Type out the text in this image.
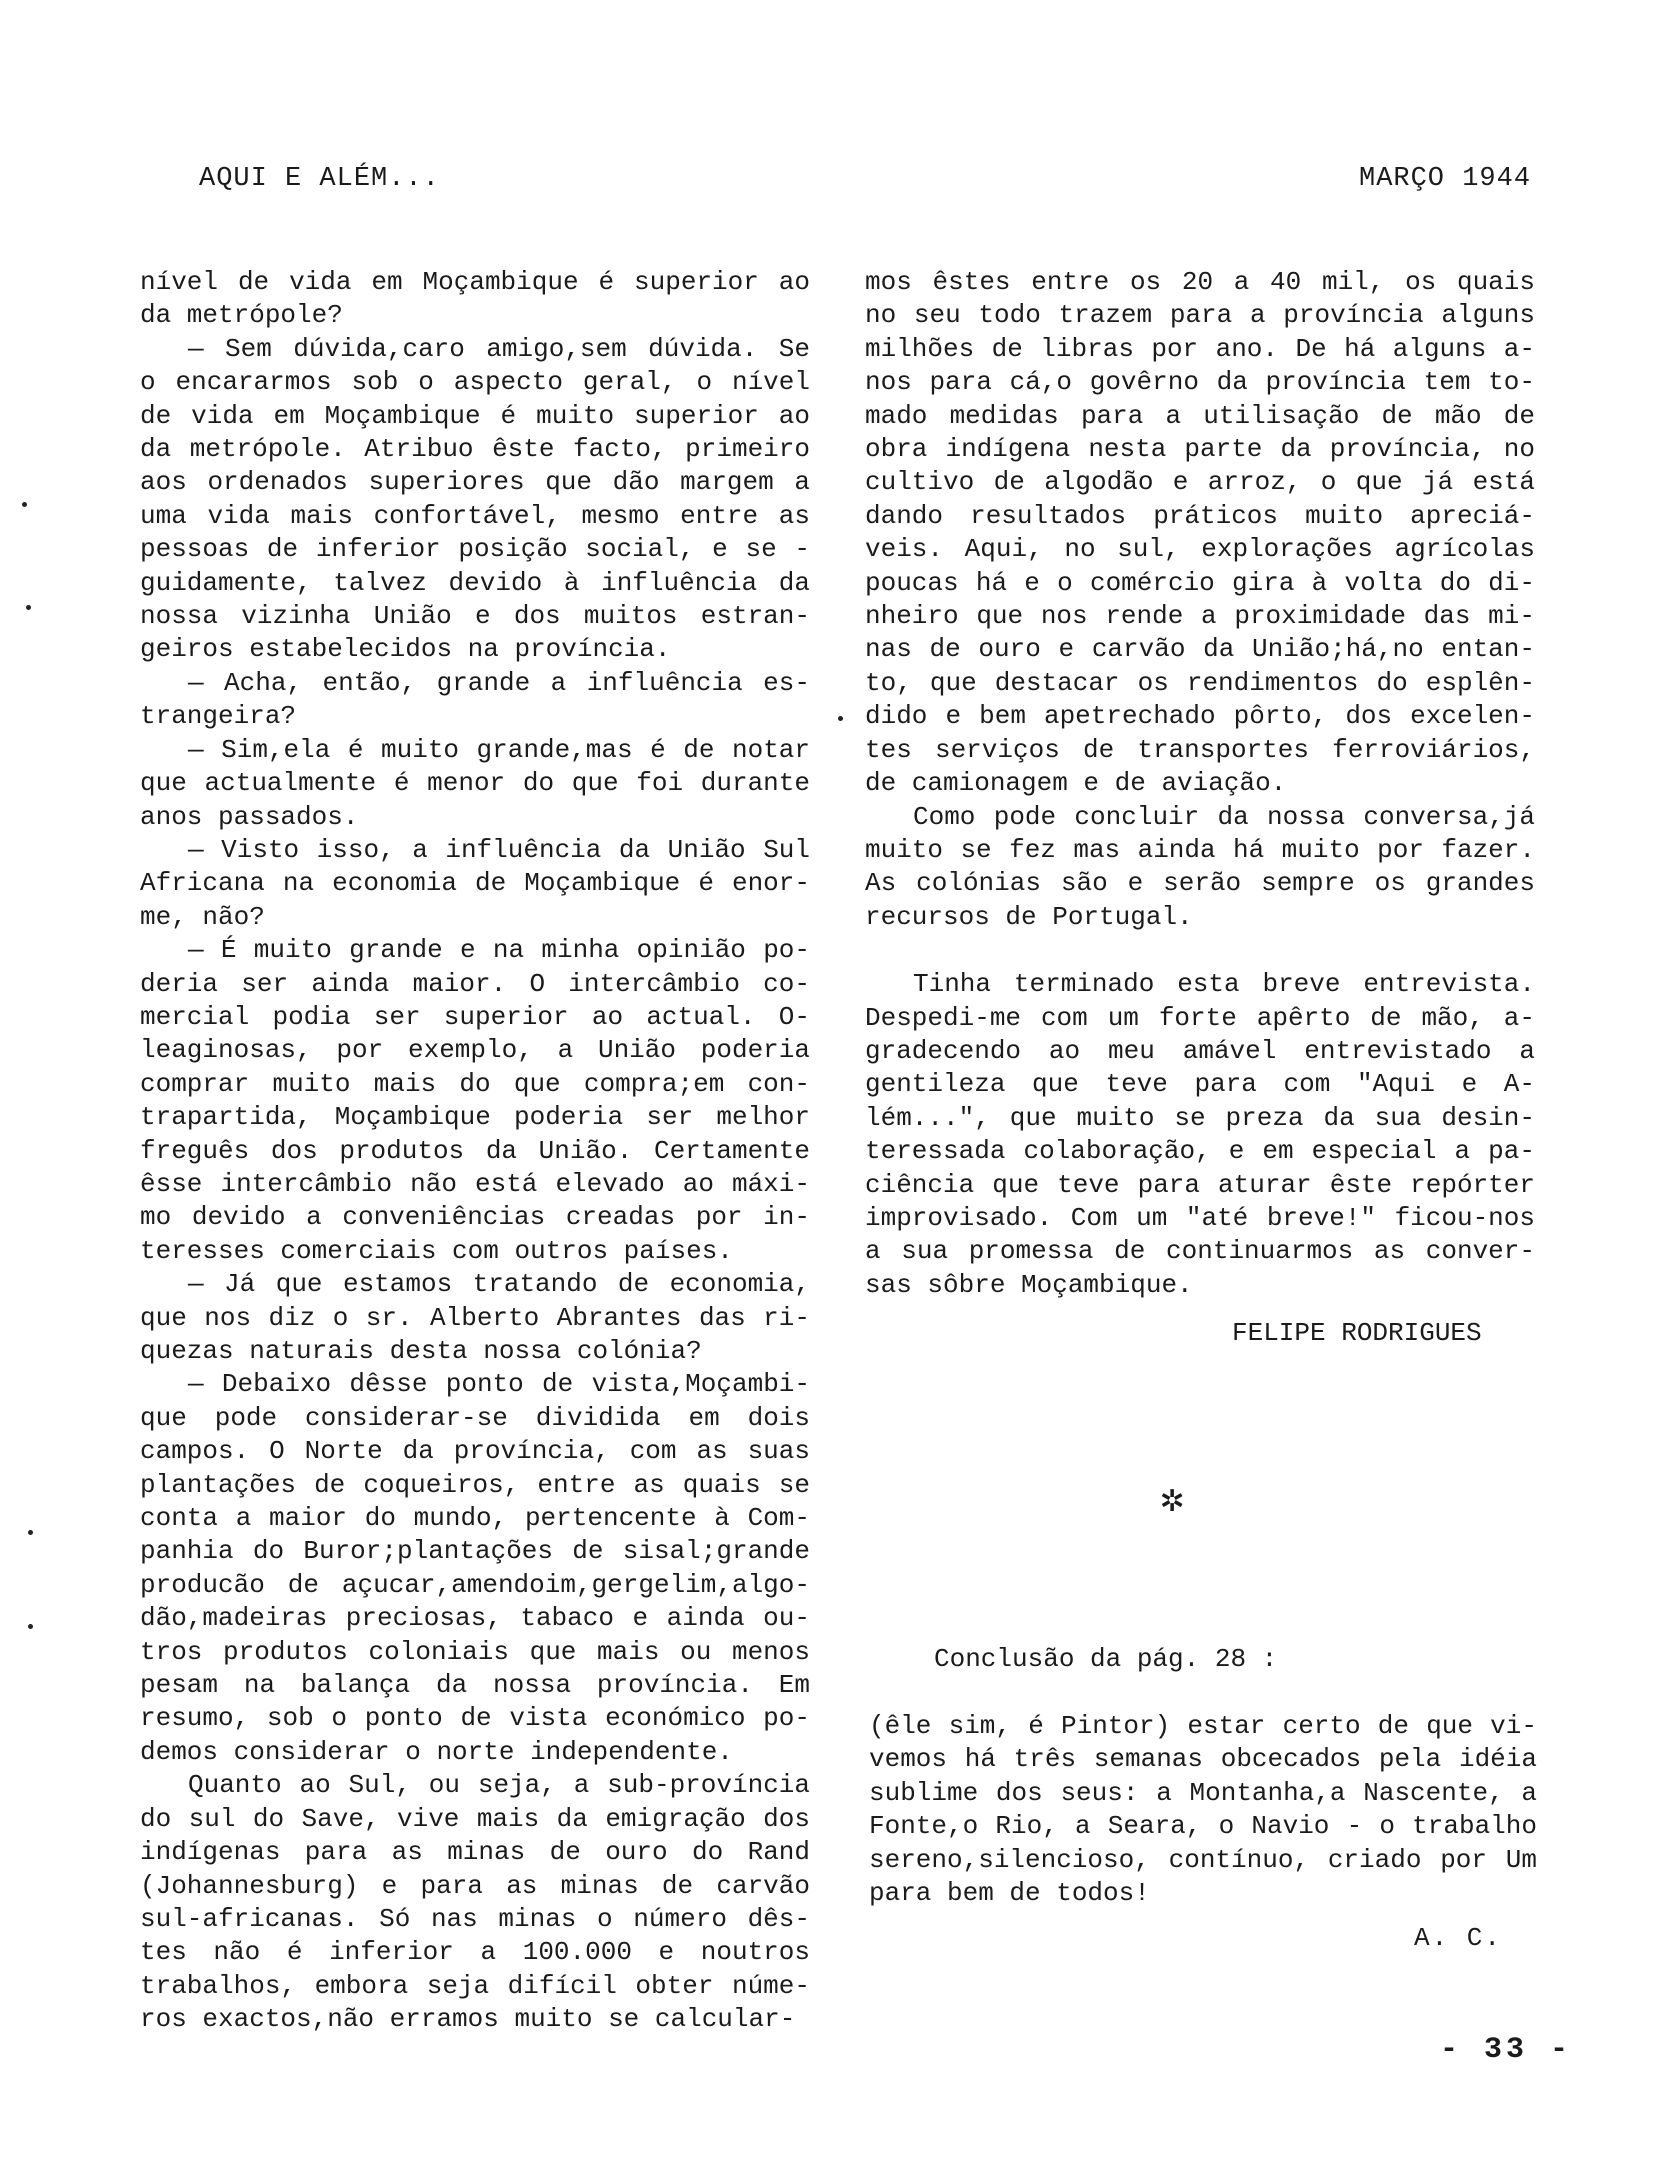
AQUI E ALÉM...	MARÇO 1944
nível de vida em Moçambique é superior ao
da metrópole?
— Sem dúvida,caro amigo,sem dúvida. Se
o encararmos sob o aspecto geral, o nível
de vida em Moçambique é muito superior ao
da metrópole. Atribuo êste facto, primeiro
aos ordenados superiores que dão margem a
uma vida mais confortável, mesmo entre as
pessoas de inferior posição social, e se -
guidamente, talvez devido à influência da
nossa vizinha União e dos muitos estran-
geiros estabelecidos na província.
— Acha, então, grande a influência es-
trangeira?
— Sim,ela é muito grande,mas é de notar
que actualmente é menor do que foi durante
anos passados.
— Visto isso, a influência da União Sul
Africana na economia de Moçambique é enor-
me, não?
— É muito grande e na minha opinião po-
deria ser ainda maior. O intercâmbio co-
mercial podia ser superior ao actual. O-
leaginosas, por exemplo, a União poderia
comprar muito mais do que compra;em con-
trapartida, Moçambique poderia ser melhor
freguês dos produtos da União. Certamente
êsse intercâmbio não está elevado ao máxi-
mo devido a conveniências creadas por in-
teresses comerciais com outros países.
— Já que estamos tratando de economia,
que nos diz o sr. Alberto Abrantes das ri-
quezas naturais desta nossa colónia?
— Debaixo dêsse ponto de vista,Moçambi-
que pode considerar-se dividida em dois
campos. O Norte da província, com as suas
plantações de coqueiros, entre as quais se
conta a maior do mundo, pertencente à Com-
panhia do Buror;plantações de sisal;grande
producão de açucar,amendoim,gergelim,algo-
dão,madeiras preciosas, tabaco e ainda ou-
tros produtos coloniais que mais ou menos
pesam na balança da nossa província. Em
resumo, sob o ponto de vista económico po-
demos considerar o norte independente.
Quanto ao Sul, ou seja, a sub-província
do sul do Save, vive mais da emigração dos
indígenas para as minas de ouro do Rand
(Johannesburg) e para as minas de carvão
sul-africanas. Só nas minas o número dês-
tes não é inferior a 100.000 e noutros
trabalhos, embora seja difícil obter núme-
ros exactos,não erramos muito se calcular-
mos êstes entre os 20 a 40 mil, os quais
no seu todo trazem para a província alguns
milhões de libras por ano. De há alguns a-
nos para cá,o govêrno da província tem to-
mado medidas para a utilisação de mão de
obra indígena nesta parte da província, no
cultivo de algodão e arroz, o que já está
dando resultados práticos muito apreciá-
veis. Aqui, no sul, explorações agrícolas
poucas há e o comércio gira à volta do di-
nheiro que nos rende a proximidade das mi-
nas de ouro e carvão da União;há,no entan-
to, que destacar os rendimentos do esplên-
dido e bem apetrechado pôrto, dos excelen-
tes serviços de transportes ferroviários,
de camionagem e de aviação.
Como pode concluir da nossa conversa,já
muito se fez mas ainda há muito por fazer.
As colónias são e serão sempre os grandes
recursos de Portugal.
Tinha terminado esta breve entrevista.
Despedi-me com um forte apêrto de mão, a-
gradecendo ao meu amável entrevistado a
gentileza que teve para com "Aqui e A-
lém...", que muito se preza da sua desin-
teressada colaboração, e em especial a pa-
ciência que teve para aturar êste repórter
improvisado. Com um "até breve!" ficou-nos
a sua promessa de continuarmos as conver-
sas sôbre Moçambique.
FELIPE RODRIGUES
✲
Conclusão da pág. 28 :
(êle sim, é Pintor) estar certo de que vi-
vemos há três semanas obcecados pela idéia
sublime dos seus: a Montanha,a Nascente, a
Fonte,o Rio, a Seara, o Navio - o trabalho
sereno,silencioso, contínuo, criado por Um
para bem de todos!
A. C.
- 33 -
